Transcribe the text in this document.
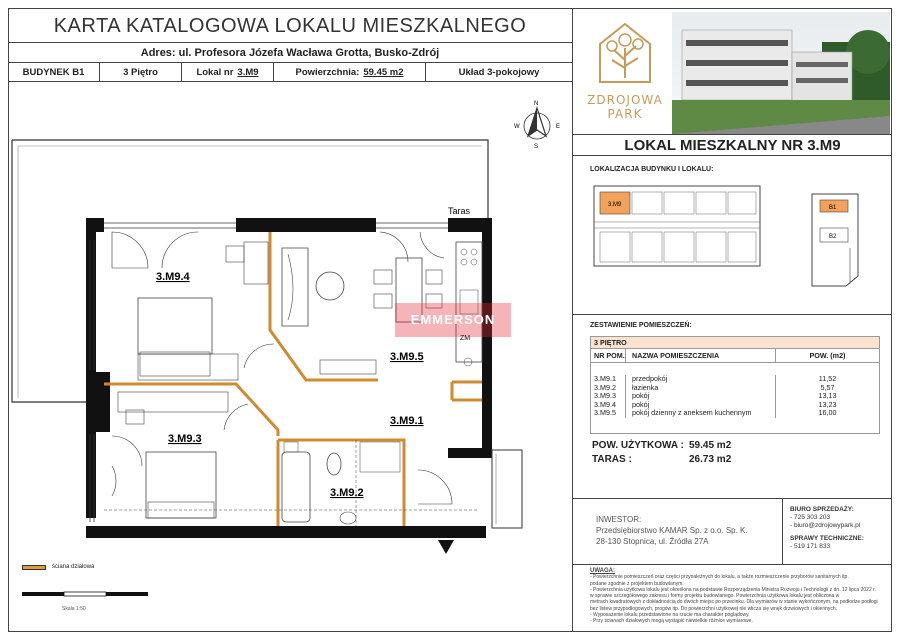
KARTA KATALOGOWA LOKALU MIESZKALNEGO
Adres: ul. Profesora Józefa Wacława Grotta, Busko-Zdrój
BUDYNEK B1	3 Piętro	Lokal nr 3.M9	Powierzchnia: 59.45 m2	Układ 3-pokojowy
N
S
W	E
Taras
ZM
3.M9.4
3.M9.5
3.M9.1
3.M9.3
3.M9.2
Skala 1:50
EMMERSON
ściana działowa
ZDROJOWA
PARK
LOKAL MIESZKALNY NR 3.M9
LOKALIZACJA BUDYNKU I LOKALU:
3.M9	B1
B2
ZESTAWIENIE POMIESZCZEŃ:
3 PIĘTRO
NR POM.	NAZWA POMIESZCZENIA	POW. (m2)
3.M9.1	przedpokój	11,52
3.M9.2	łazienka	5,57
3.M9.3	pokój	13,13
3.M9.4	pokój	13,23
3.M9.5	pokój dzienny z aneksem kuchennym	16,00
POW. UŻYTKOWA : 59.45 m2
TARAS :	26.73 m2
INWESTOR:
Przedsiębiorstwo KAMAR Sp. z o.o. Sp. K.
28-130 Stopnica, ul. Źródła 27A
BIURO SPRZEDAŻY:
- 725 303 203
- biuro@zdrojowypark.pl
SPRAWY TECHNICZNE:
- 519 171 833
UWAGA:
- Powierzchnie pomieszczeń oraz części przynależnych do lokalu, a także rozmieszczenie przyborów sanitarnych itp.
podane zgodnie z projektem budowlanym.
- Powierzchnia użytkowa lokalu jest określona na podstawie Rozporządzenia Ministra Rozwoju i Technologii z dn. 12 lipca 2022 r.
w sprawie szczegółowego zakresu i formy projektu budowlanego. Powierzchnia użytkowa lokalu jest obliczona w
metrach kwadratowych z dokładnością do dwóch miejsc po przecinku. Dla wymiarów w stanie wykończonym, na podłodze podłogi
bez listew przypodłogowych, progów itp. Do powierzchni użytkowej nie wlicza się wnęk drzwiowych i okiennych.
- Wyposażenie lokalu przedstawione na rzucie ma charakter poglądowy.
- Przy ścianach działowych mogą wystąpić niewielkie różnice wymiarowe.
